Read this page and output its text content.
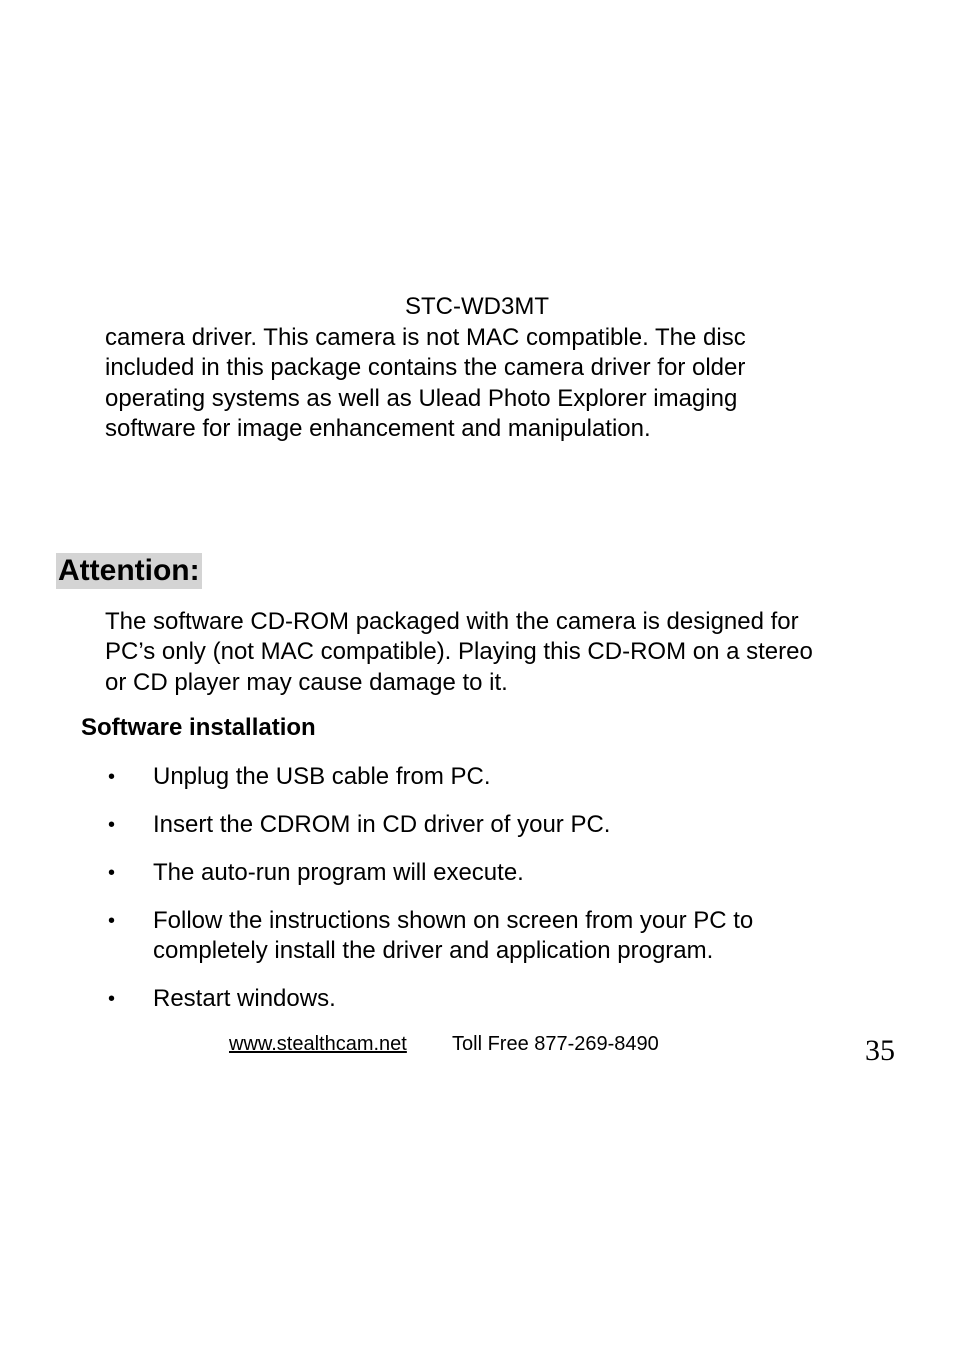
STC-WD3MT
camera driver. This camera is not MAC compatible. The disc
included in this package contains the camera driver for older
operating systems as well as Ulead Photo Explorer imaging
software for image enhancement and manipulation.
Attention:
The software CD-ROM packaged with the camera is designed for
PC’s only (not MAC compatible). Playing this CD-ROM on a stereo
or CD player may cause damage to it.
Software installation
• Unplug the USB cable from PC.
• Insert the CDROM in CD driver of your PC.
• The auto-run program will execute.
• Follow the instructions shown on screen from your PC to
completely install the driver and application program.
• Restart windows.
www.stealthcam.net Toll Free 877-269-8490	35
